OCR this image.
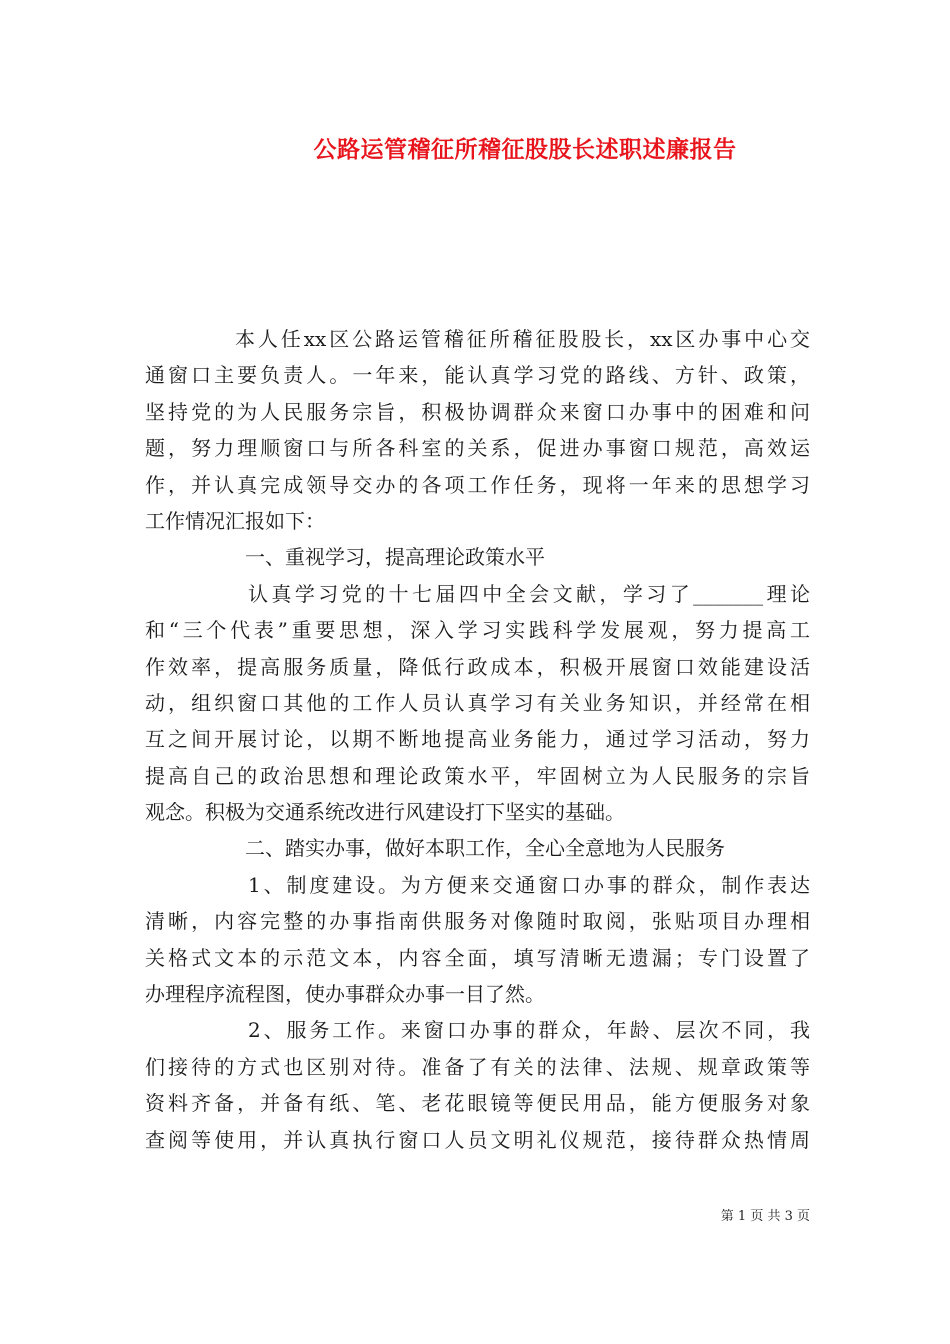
公路运管稽征所稽征股股长述职述廉报告
本人任xx区公路运管稽征所稽征股股长，xx区办事中心交
通窗口主要负责人。一年来，能认真学习党的路线、方针、政策，
坚持党的为人民服务宗旨，积极协调群众来窗口办事中的困难和问
题，努力理顺窗口与所各科室的关系，促进办事窗口规范，高效运
作，并认真完成领导交办的各项工作任务，现将一年来的思想学习
工作情况汇报如下：
一、重视学习，提高理论政策水平
认真学习党的十七届四中全会文献，学习了_______理论
和“三个代表”重要思想，深入学习实践科学发展观，努力提高工
作效率，提高服务质量，降低行政成本，积极开展窗口效能建设活
动，组织窗口其他的工作人员认真学习有关业务知识，并经常在相
互之间开展讨论，以期不断地提高业务能力，通过学习活动，努力
提高自己的政治思想和理论政策水平，牢固树立为人民服务的宗旨
观念。积极为交通系统改进行风建设打下坚实的基础。
二、踏实办事，做好本职工作，全心全意地为人民服务
1、制度建设。为方便来交通窗口办事的群众，制作表达
清晰，内容完整的办事指南供服务对像随时取阅，张贴项目办理相
关格式文本的示范文本，内容全面，填写清晰无遗漏；专门设置了
办理程序流程图，使办事群众办事一目了然。
2、服务工作。来窗口办事的群众，年龄、层次不同，我
们接待的方式也区别对待。准备了有关的法律、法规、规章政策等
资料齐备，并备有纸、笔、老花眼镜等便民用品，能方便服务对象
查阅等使用，并认真执行窗口人员文明礼仪规范，接待群众热情周
第 1 页 共 3 页
